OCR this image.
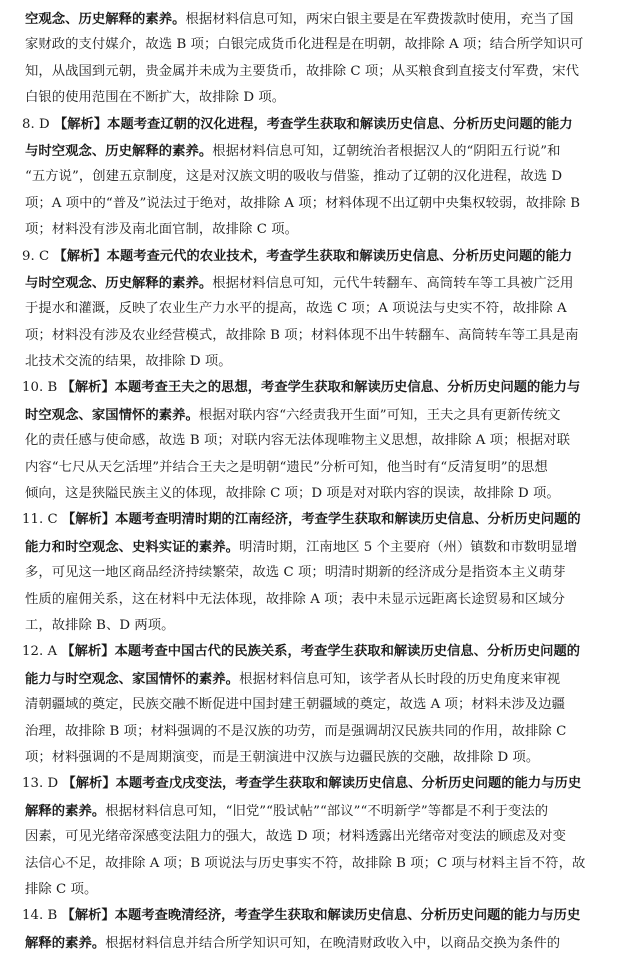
空观念、历史解释的素养。根据材料信息可知，两宋白银主要是在军费拨款时使用，充当了国
家财政的支付媒介，故选 B 项；白银完成货币化进程是在明朝，故排除 A 项；结合所学知识可
知，从战国到元朝，贵金属并未成为主要货币，故排除 C 项；从买粮食到直接支付军费，宋代
白银的使用范围在不断扩大，故排除 D 项。
8. D 【解析】本题考查辽朝的汉化进程，考查学生获取和解读历史信息、分析历史问题的能力
与时空观念、历史解释的素养。根据材料信息可知，辽朝统治者根据汉人的“阴阳五行说”和
“五方说”，创建五京制度，这是对汉族文明的吸收与借鉴，推动了辽朝的汉化进程，故选 D
项；A 项中的“普及”说法过于绝对，故排除 A 项；材料体现不出辽朝中央集权较弱，故排除 B
项；材料没有涉及南北面官制，故排除 C 项。
9. C 【解析】本题考查元代的农业技术，考查学生获取和解读历史信息、分析历史问题的能力
与时空观念、历史解释的素养。根据材料信息可知，元代牛转翻车、高筒转车等工具被广泛用
于提水和灌溉，反映了农业生产力水平的提高，故选 C 项；A 项说法与史实不符，故排除 A
项；材料没有涉及农业经营模式，故排除 B 项；材料体现不出牛转翻车、高筒转车等工具是南
北技术交流的结果，故排除 D 项。
10. B 【解析】本题考查王夫之的思想，考查学生获取和解读历史信息、分析历史问题的能力与
时空观念、家国情怀的素养。根据对联内容“六经责我开生面”可知，王夫之具有更新传统文
化的责任感与使命感，故选 B 项；对联内容无法体现唯物主义思想，故排除 A 项；根据对联
内容“七尺从天乞活埋”并结合王夫之是明朝“遗民”分析可知，他当时有“反清复明”的思想
倾向，这是狭隘民族主义的体现，故排除 C 项；D 项是对对联内容的误读，故排除 D 项。
11. C 【解析】本题考查明清时期的江南经济，考查学生获取和解读历史信息、分析历史问题的
能力和时空观念、史料实证的素养。明清时期，江南地区 5 个主要府（州）镇数和市数明显增
多，可见这一地区商品经济持续繁荣，故选 C 项；明清时期新的经济成分是指资本主义萌芽
性质的雇佣关系，这在材料中无法体现，故排除 A 项；表中未显示远距离长途贸易和区域分
工，故排除 B、D 两项。
12. A 【解析】本题考查中国古代的民族关系，考查学生获取和解读历史信息、分析历史问题的
能力与时空观念、家国情怀的素养。根据材料信息可知，该学者从长时段的历史角度来审视
清朝疆域的奠定，民族交融不断促进中国封建王朝疆域的奠定，故选 A 项；材料未涉及边疆
治理，故排除 B 项；材料强调的不是汉族的功劳，而是强调胡汉民族共同的作用，故排除 C
项；材料强调的不是周期演变，而是王朝演进中汉族与边疆民族的交融，故排除 D 项。
13. D 【解析】本题考查戊戌变法，考查学生获取和解读历史信息、分析历史问题的能力与历史
解释的素养。根据材料信息可知，“旧党”“股试帖”“部议”“不明新学”等都是不利于变法的
因素，可见光绪帝深感变法阻力的强大，故选 D 项；材料透露出光绪帝对变法的顾虑及对变
法信心不足，故排除 A 项；B 项说法与历史事实不符，故排除 B 项；C 项与材料主旨不符，故
排除 C 项。
14. B 【解析】本题考查晚清经济，考查学生获取和解读历史信息、分析历史问题的能力与历史
解释的素养。根据材料信息并结合所学知识可知，在晚清财政收入中，以商品交换为条件的
